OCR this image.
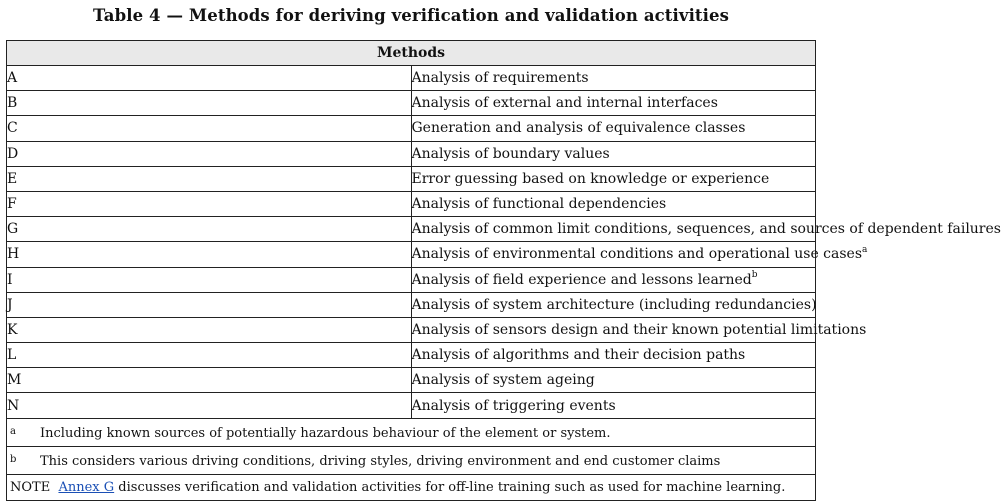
Table 4 — Methods for deriving verification and validation activities
Methods	
A	Analysis of requirements
B	Analysis of external and internal interfaces
C	Generation and analysis of equivalence classes
D	Analysis of boundary values
E	Error guessing based on knowledge or experience
F	Analysis of functional dependencies
G	Analysis of common limit conditions, sequences, and sources of dependent failures
H	Analysis of environmental conditions and operational use cases$^a$
I	Analysis of field experience and lessons learned$^b$
J	Analysis of system architecture (including redundancies)
K	Analysis of sensors design and their known potential limitations
L	Analysis of algorithms and their decision paths
M	Analysis of system ageing
N	Analysis of triggering events
a Including known sources of potentially hazardous behaviour of the element or system.	
b This considers various driving conditions, driving styles, driving environment and end customer claims	
NOTE Annex G discusses verification and validation activities for off-line training such as used for machine learning.	
